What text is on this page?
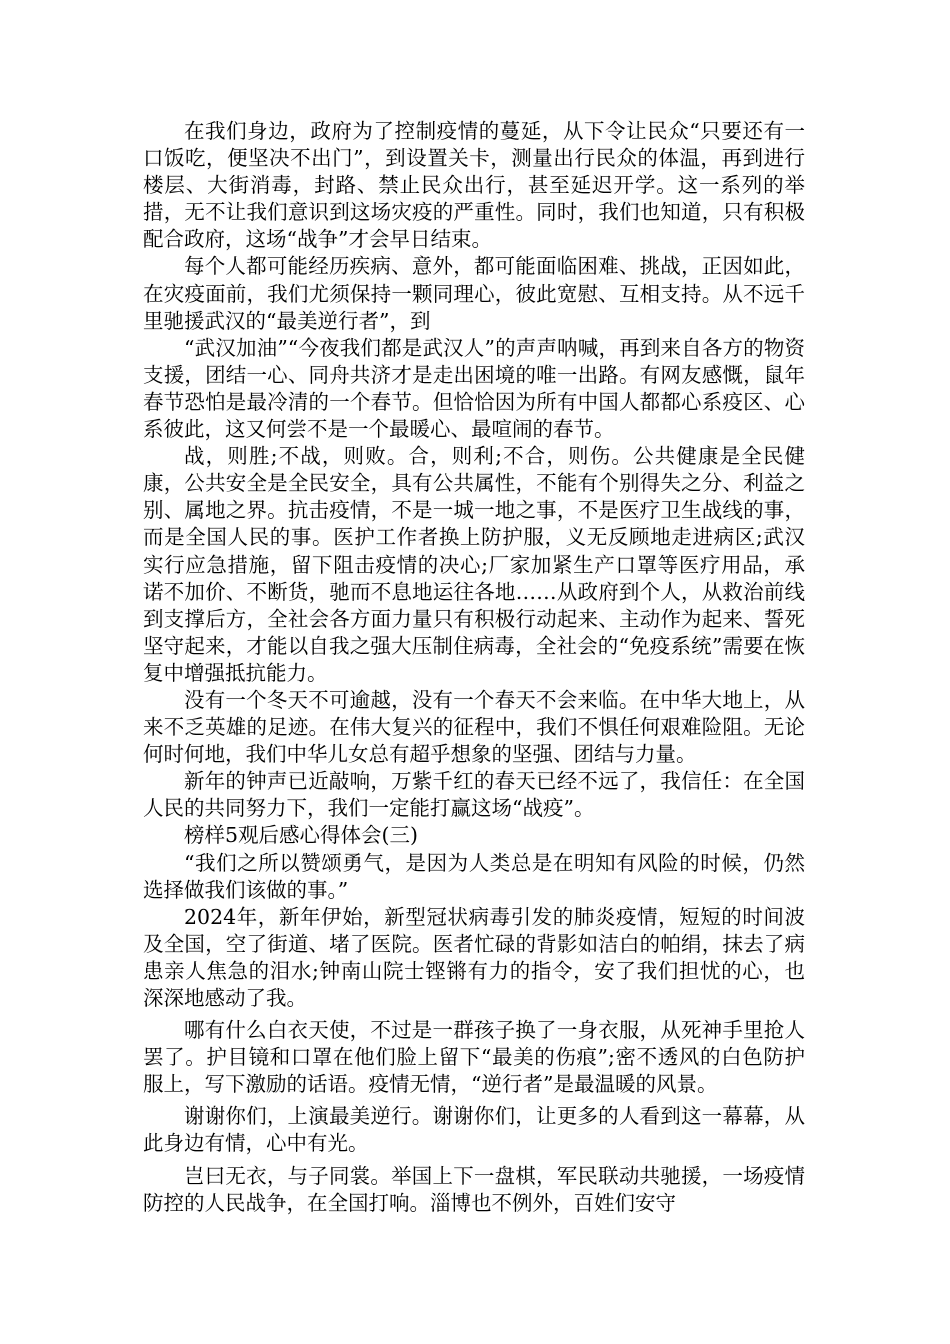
在我们身边，政府为了控制疫情的蔓延，从下令让民众“只要还有一口饭吃，便坚决不出门”，到设置关卡，测量出行民众的体温，再到进行楼层、大街消毒，封路、禁止民众出行，甚至延迟开学。这一系列的举措，无不让我们意识到这场灾疫的严重性。同时，我们也知道，只有积极配合政府，这场“战争”才会早日结束。

每个人都可能经历疾病、意外，都可能面临困难、挑战，正因如此，在灾疫面前，我们尤须保持一颗同理心，彼此宽慰、互相支持。从不远千里驰援武汉的“最美逆行者”，到

“武汉加油”“今夜我们都是武汉人”的声声呐喊，再到来自各方的物资支援，团结一心、同舟共济才是走出困境的唯一出路。有网友感慨，鼠年春节恐怕是最冷清的一个春节。但恰恰因为所有中国人都都心系疫区、心系彼此，这又何尝不是一个最暖心、最喧闹的春节。

战，则胜;不战，则败。合，则利;不合，则伤。公共健康是全民健康，公共安全是全民安全，具有公共属性，不能有个别得失之分、利益之别、属地之界。抗击疫情，不是一城一地之事，不是医疗卫生战线的事，而是全国人民的事。医护工作者换上防护服，义无反顾地走进病区;武汉实行应急措施，留下阻击疫情的决心;厂家加紧生产口罩等医疗用品，承诺不加价、不断货，驰而不息地运往各地……从政府到个人，从救治前线到支撑后方，全社会各方面力量只有积极行动起来、主动作为起来、誓死坚守起来，才能以自我之强大压制住病毒，全社会的“免疫系统”需要在恢复中增强抵抗能力。

没有一个冬天不可逾越，没有一个春天不会来临。在中华大地上，从来不乏英雄的足迹。在伟大复兴的征程中，我们不惧任何艰难险阻。无论何时何地，我们中华儿女总有超乎想象的坚强、团结与力量。

新年的钟声已近敲响，万紫千红的春天已经不远了，我信任：在全国人民的共同努力下，我们一定能打赢这场“战疫”。

榜样5观后感心得体会(三)

“我们之所以赞颂勇气，是因为人类总是在明知有风险的时候，仍然选择做我们该做的事。”

2024年，新年伊始，新型冠状病毒引发的肺炎疫情，短短的时间波及全国，空了街道、堵了医院。医者忙碌的背影如洁白的帕绢，抹去了病患亲人焦急的泪水;钟南山院士铿锵有力的指令，安了我们担忧的心，也深深地感动了我。

哪有什么白衣天使，不过是一群孩子换了一身衣服，从死神手里抢人罢了。护目镜和口罩在他们脸上留下“最美的伤痕”;密不透风的白色防护服上，写下激励的话语。疫情无情，“逆行者”是最温暖的风景。

谢谢你们，上演最美逆行。谢谢你们，让更多的人看到这一幕幕，从此身边有情，心中有光。

岂曰无衣，与子同裳。举国上下一盘棋，军民联动共驰援，一场疫情防控的人民战争，在全国打响。淄博也不例外，百姓们安守
